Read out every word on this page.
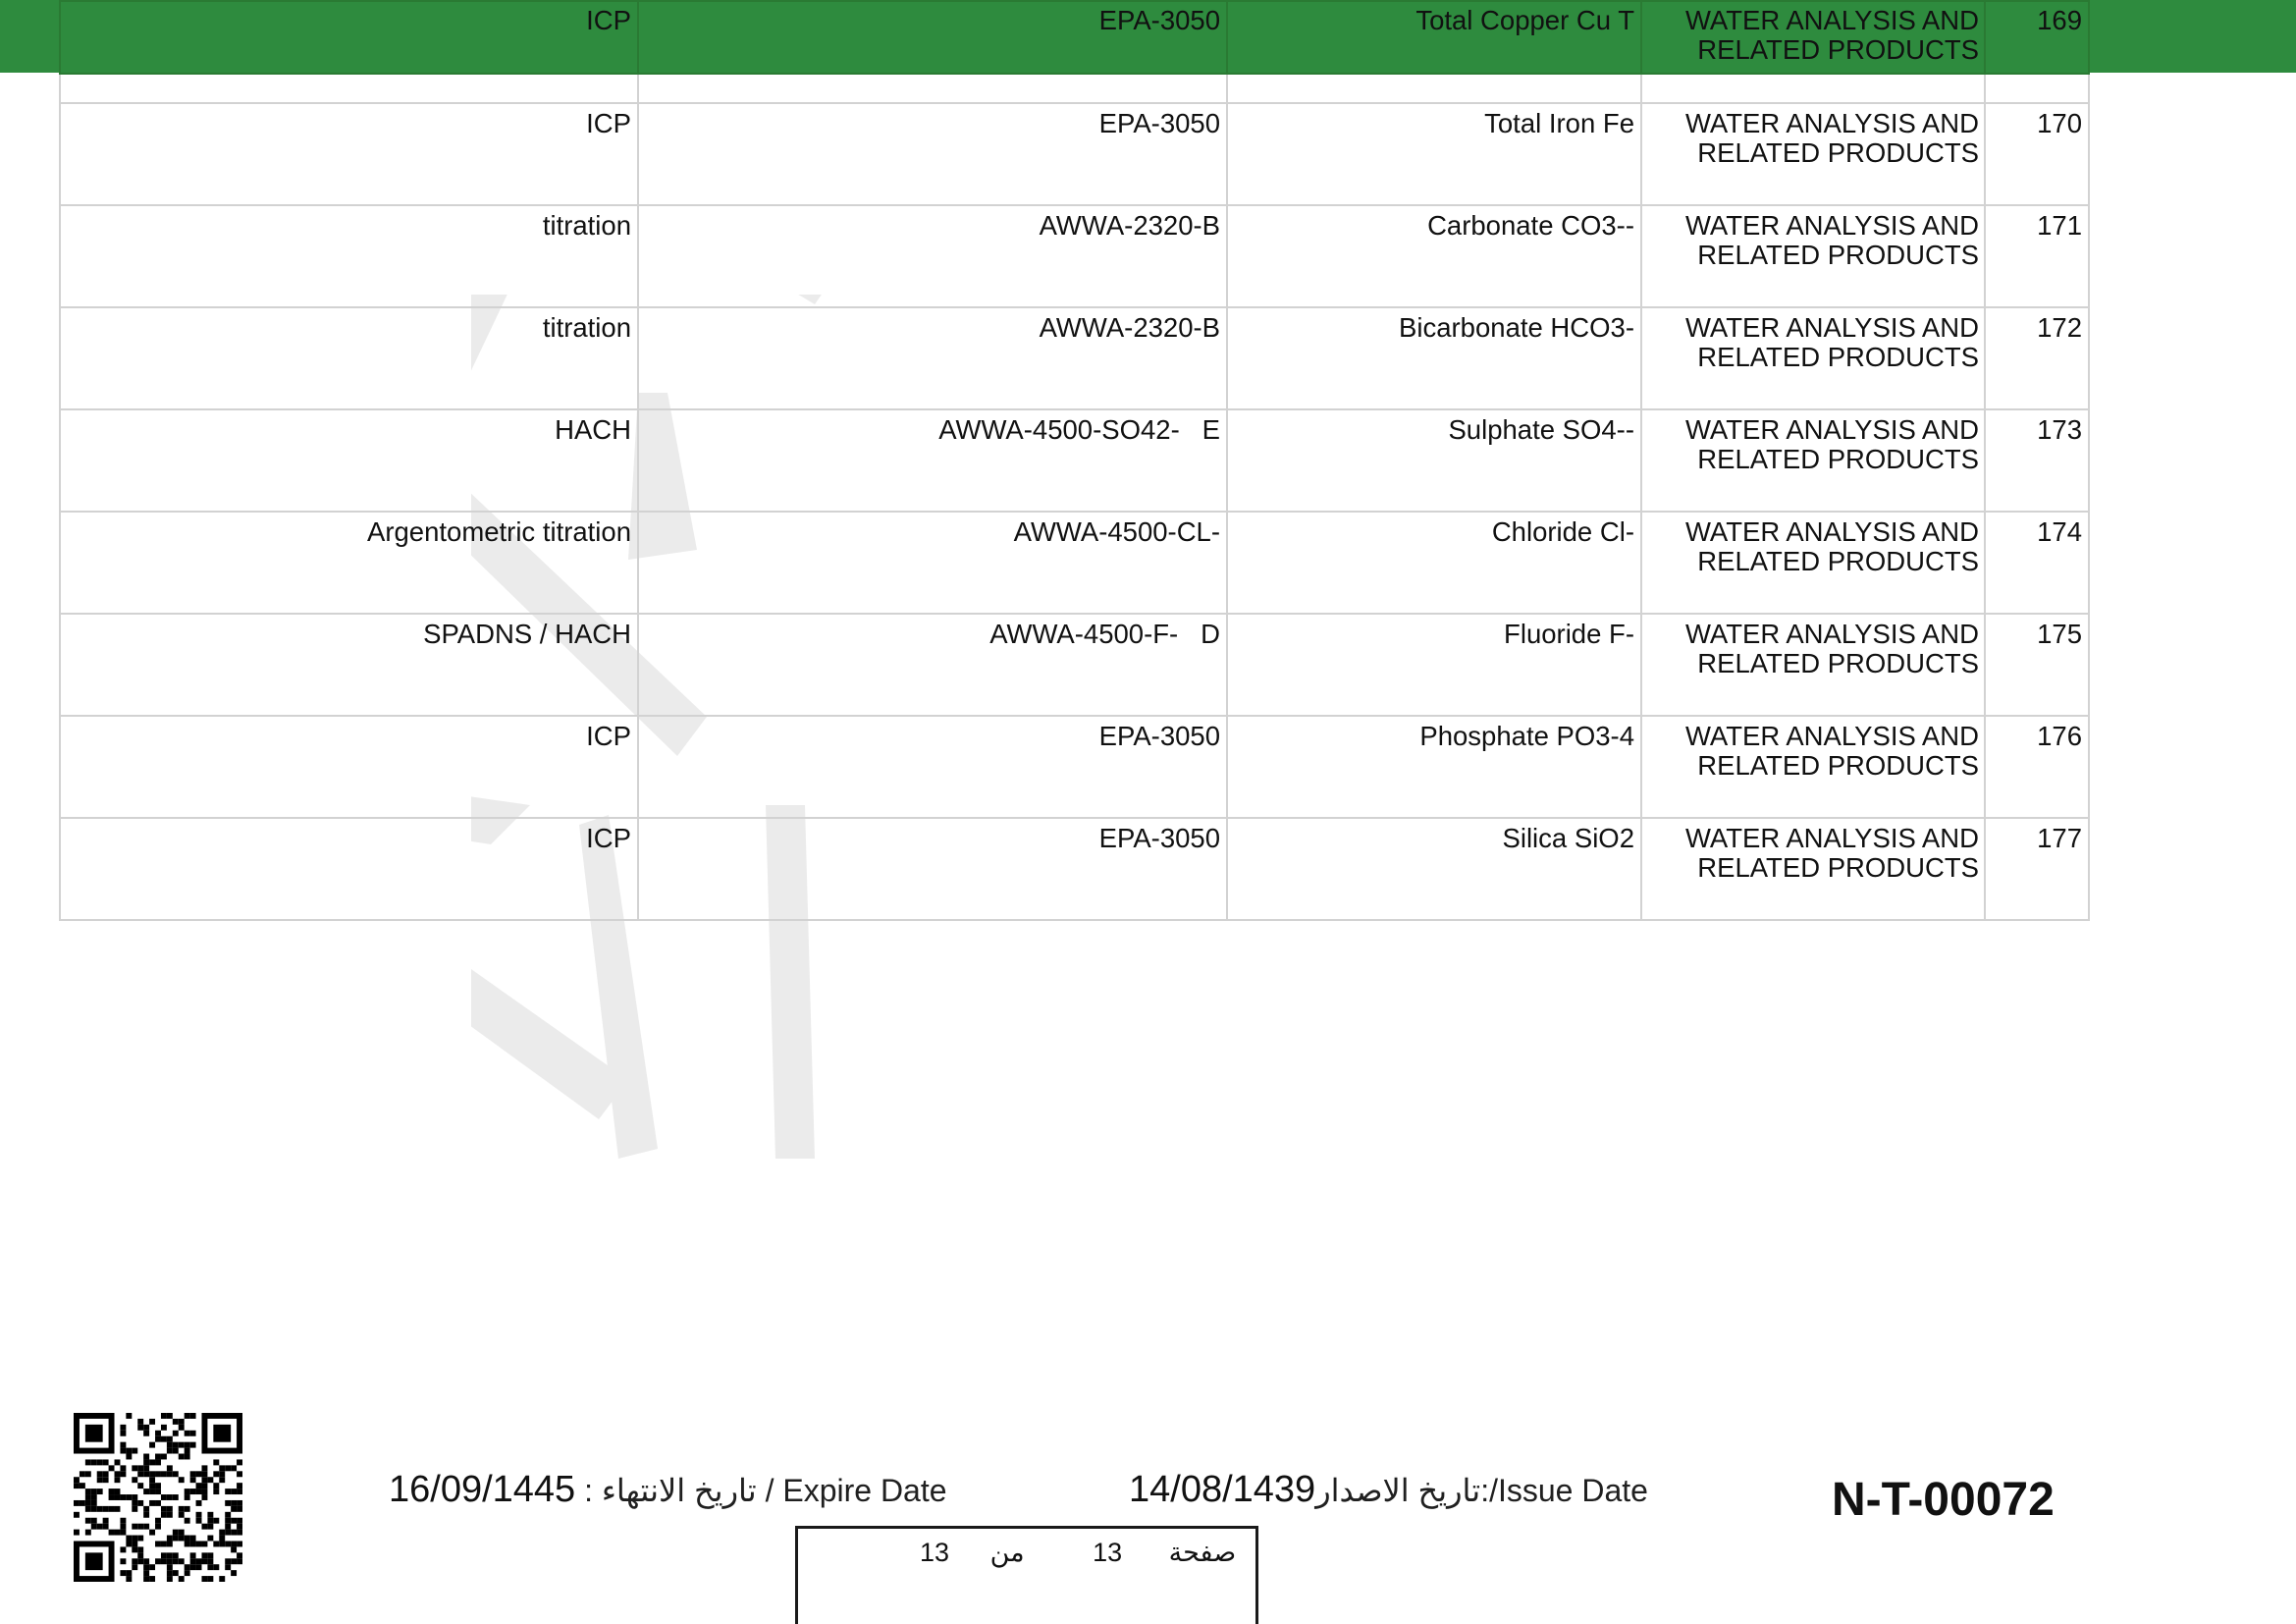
ICP	EPA-3050	Total Copper Cu T	WATER ANALYSIS AND
RELATED PRODUCTS	169

ICP	EPA-3050	Total Iron Fe	WATER ANALYSIS AND
RELATED PRODUCTS	170
titration	AWWA-2320-B	Carbonate CO3--	WATER ANALYSIS AND
RELATED PRODUCTS	171
titration	AWWA-2320-B	Bicarbonate HCO3-	WATER ANALYSIS AND
RELATED PRODUCTS	172
HACH	AWWA-4500-SO42-   E	Sulphate SO4--	WATER ANALYSIS AND
RELATED PRODUCTS	173
Argentometric titration	AWWA-4500-CL-	Chloride Cl-	WATER ANALYSIS AND
RELATED PRODUCTS	174
SPADNS / HACH	AWWA-4500-F-   D	Fluoride F-	WATER ANALYSIS AND
RELATED PRODUCTS	175
ICP	EPA-3050	Phosphate PO3-4	WATER ANALYSIS AND
RELATED PRODUCTS	176
ICP	EPA-3050	Silica SiO2	WATER ANALYSIS AND
RELATED PRODUCTS	177
16/09/1445 : تاريخ الانتهاء / Expire Date	14/08/1439 :تاريخ الاصدار /Issue Date	N-T-00072
13 من	13 صفحة
